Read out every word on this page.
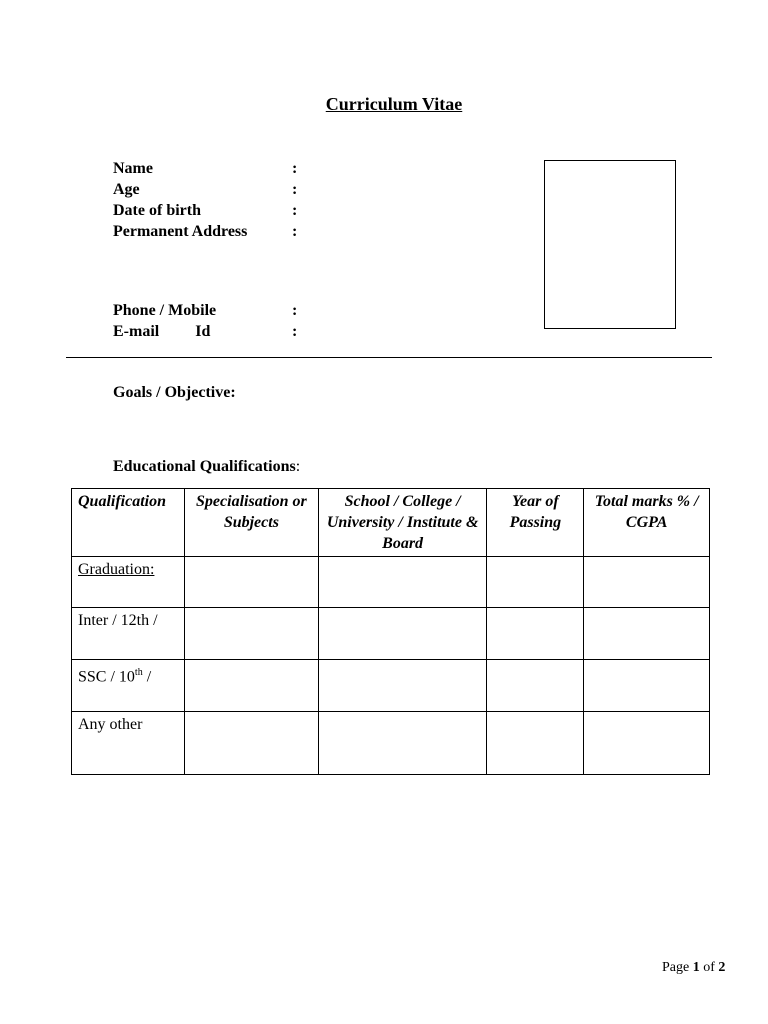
Curriculum Vitae
Name	:
Age	:
Date of birth	:
Permanent Address	:
Phone / Mobile	:
E-mail         Id	:
Goals / Objective:
Educational Qualifications:
Qualification	Specialisation or Subjects	School / College / University / Institute & Board	Year of Passing	Total marks % / CGPA
Graduation:				
Inter / 12th /				
SSC / 10th /				
Any other				
Page 1 of 2
